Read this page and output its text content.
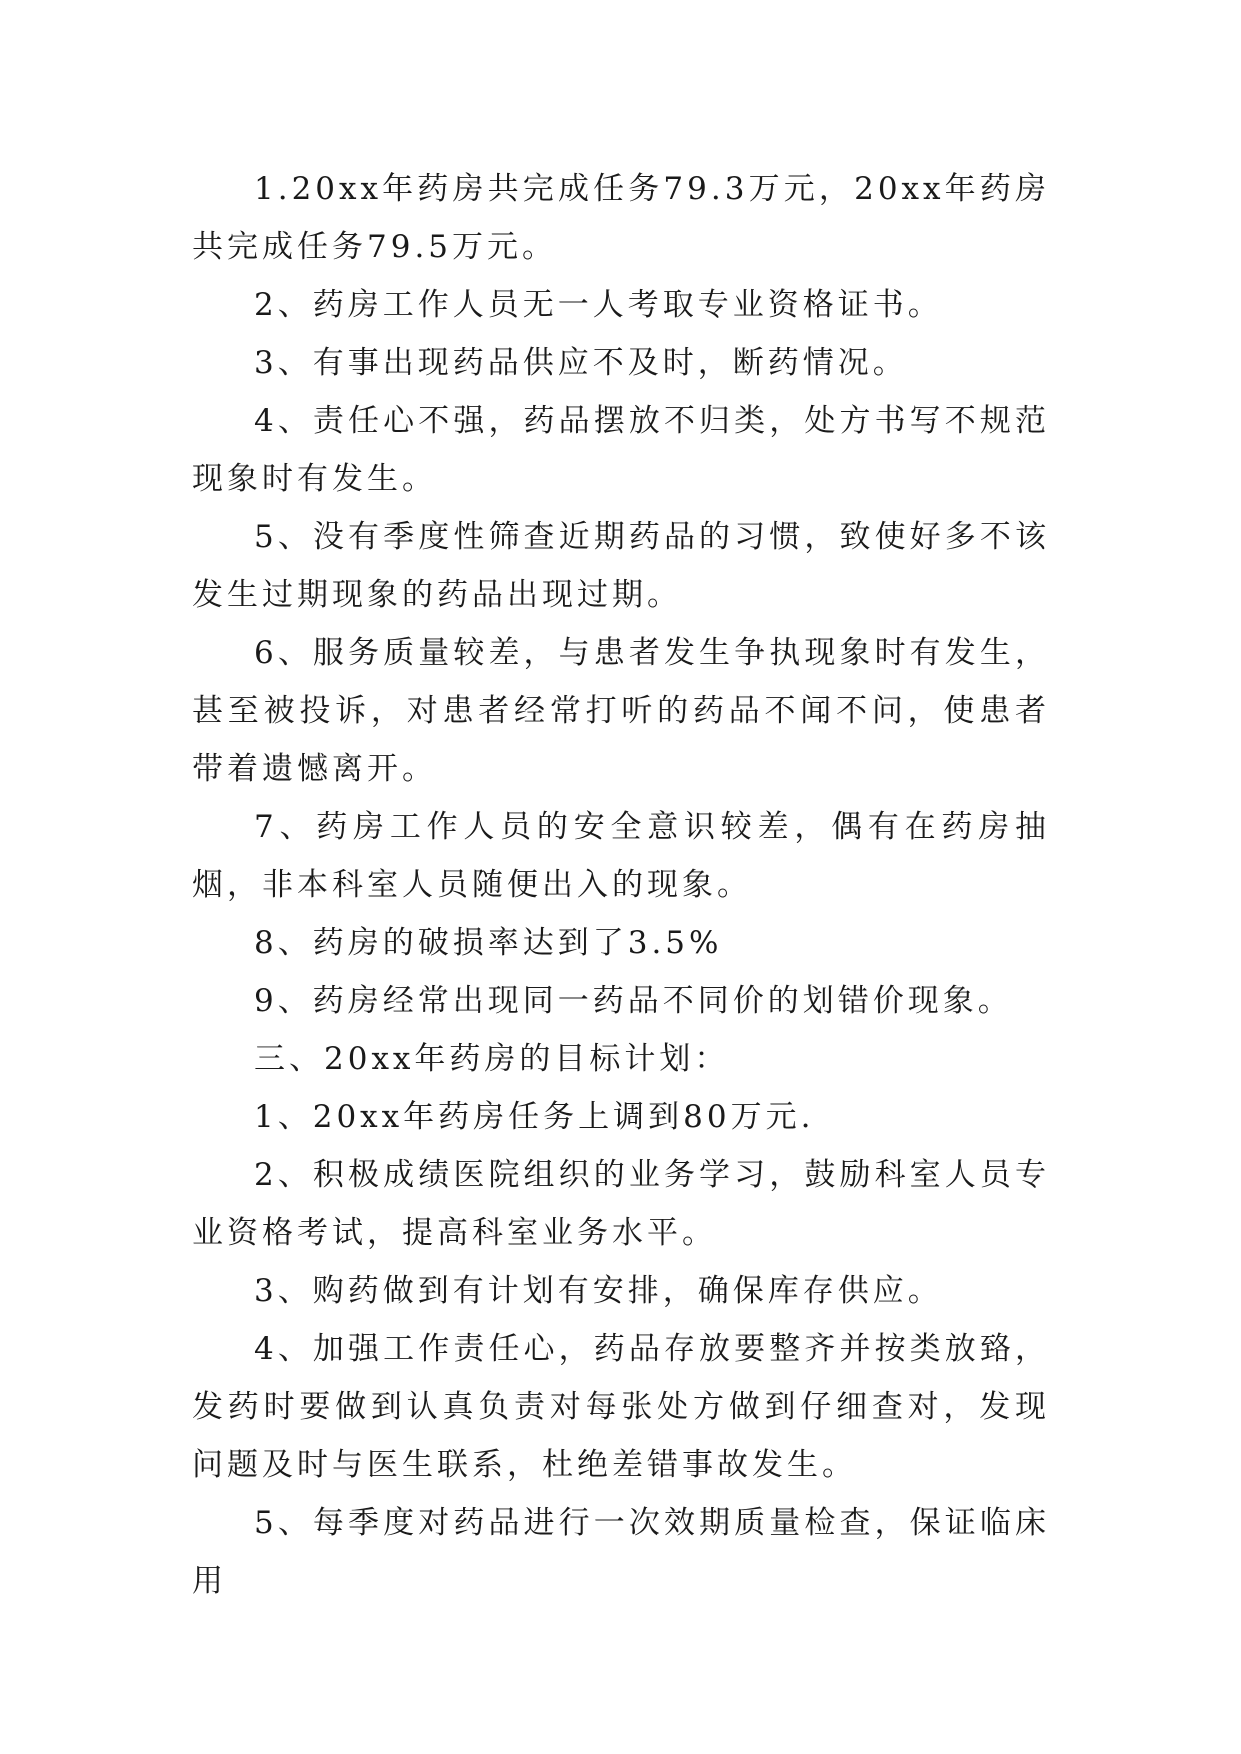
1.20xx年药房共完成任务79.3万元，20xx年药房共完成任务79.5万元。

2、药房工作人员无一人考取专业资格证书。

3、有事出现药品供应不及时，断药情况。

4、责任心不强，药品摆放不归类，处方书写不规范现象时有发生。

5、没有季度性筛查近期药品的习惯，致使好多不该发生过期现象的药品出现过期。

6、服务质量较差，与患者发生争执现象时有发生，甚至被投诉，对患者经常打听的药品不闻不问，使患者带着遗憾离开。

7、药房工作人员的安全意识较差，偶有在药房抽烟，非本科室人员随便出入的现象。

8、药房的破损率达到了3.5%

9、药房经常出现同一药品不同价的划错价现象。

三、20xx年药房的目标计划：

1、20xx年药房任务上调到80万元.

2、积极成绩医院组织的业务学习，鼓励科室人员专业资格考试，提高科室业务水平。

3、购药做到有计划有安排，确保库存供应。

4、加强工作责任心，药品存放要整齐并按类放臵，发药时要做到认真负责对每张处方做到仔细查对，发现问题及时与医生联系，杜绝差错事故发生。

5、每季度对药品进行一次效期质量检查，保证临床用
